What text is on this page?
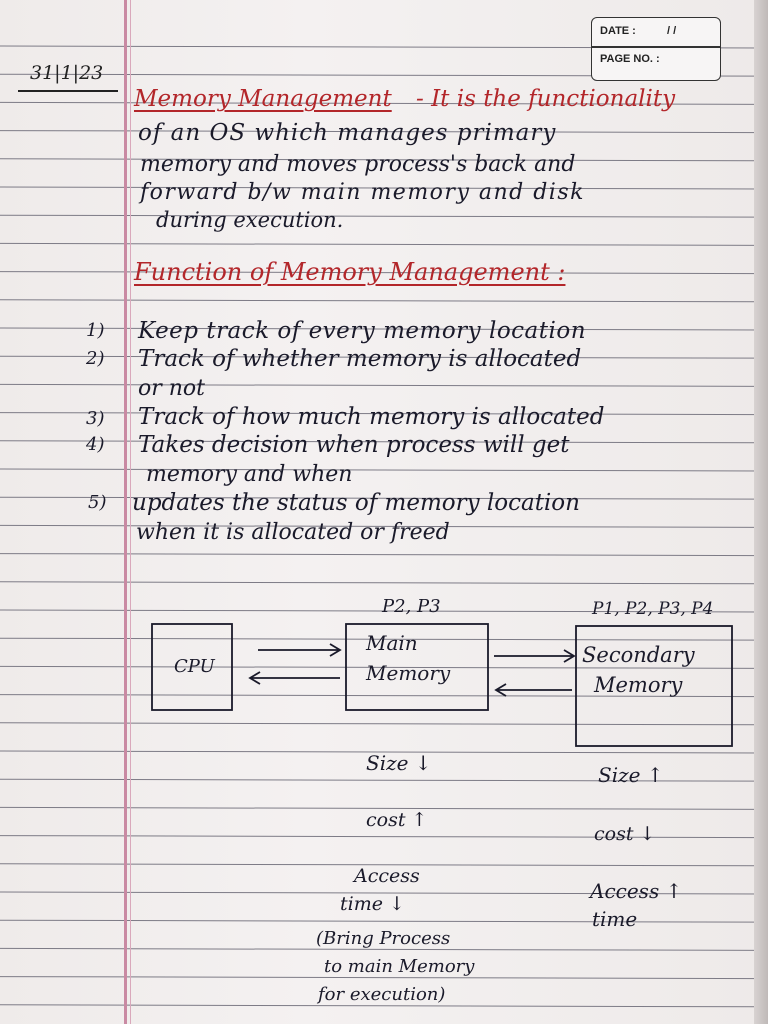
DATE :	/ /
PAGE NO. :
31|1|23
Memory Management - It is the functionality
of an OS which manages primary
memory and moves process's back and
forward b/w main memory and disk
during execution.
Function of Memory Management :
1) Keep track of every memory location
2) Track of whether memory is allocated
or not
3) Track of how much memory is allocated
4) Takes decision when process will get
memory and when
5) updates the status of memory location
when it is allocated or freed
CPU
P2, P3
Main
Memory
P1, P2, P3, P4
Secondary
Memory
Size ↓
cost ↑
Access
time ↓
(Bring Process
to main Memory
for execution)
Size ↑
cost ↓
Access ↑
time
